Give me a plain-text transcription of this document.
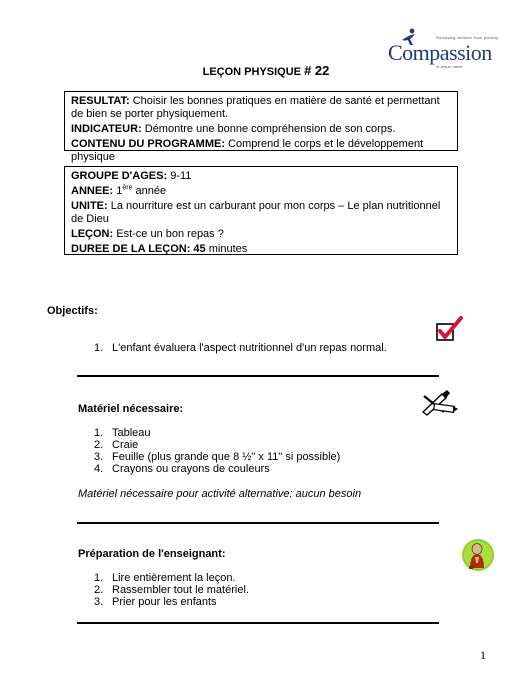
Releasing children from poverty
Compassion
in Jesus' name
LEÇON PHYSIQUE # 22
RESULTAT: Choisir les bonnes pratiques en matière de santé et permettant de bien se porter physiquement.
INDICATEUR: Démontre une bonne compréhension de son corps.
CONTENU DU PROGRAMME: Comprend le corps et le développement physique
GROUPE D'AGES: 9-11
ANNEE: 1ère année
UNITE: La nourriture est un carburant pour mon corps – Le plan nutritionnel de Dieu
LEÇON: Est-ce un bon repas ?
DUREE DE LA LEÇON: 45 minutes
Objectifs:
1. L'enfant évaluera l'aspect nutritionnel d'un repas normal.
Matériel nécessaire:
1. Tableau
2. Craie
3. Feuille (plus grande que 8 ½" x 11" si possible)
4. Crayons ou crayons de couleurs
Matériel nécessaire pour activité alternative: aucun besoin
Préparation de l'enseignant:
1. Lire entièrement la leçon.
2. Rassembler tout le matériel.
3. Prier pour les enfants
1
